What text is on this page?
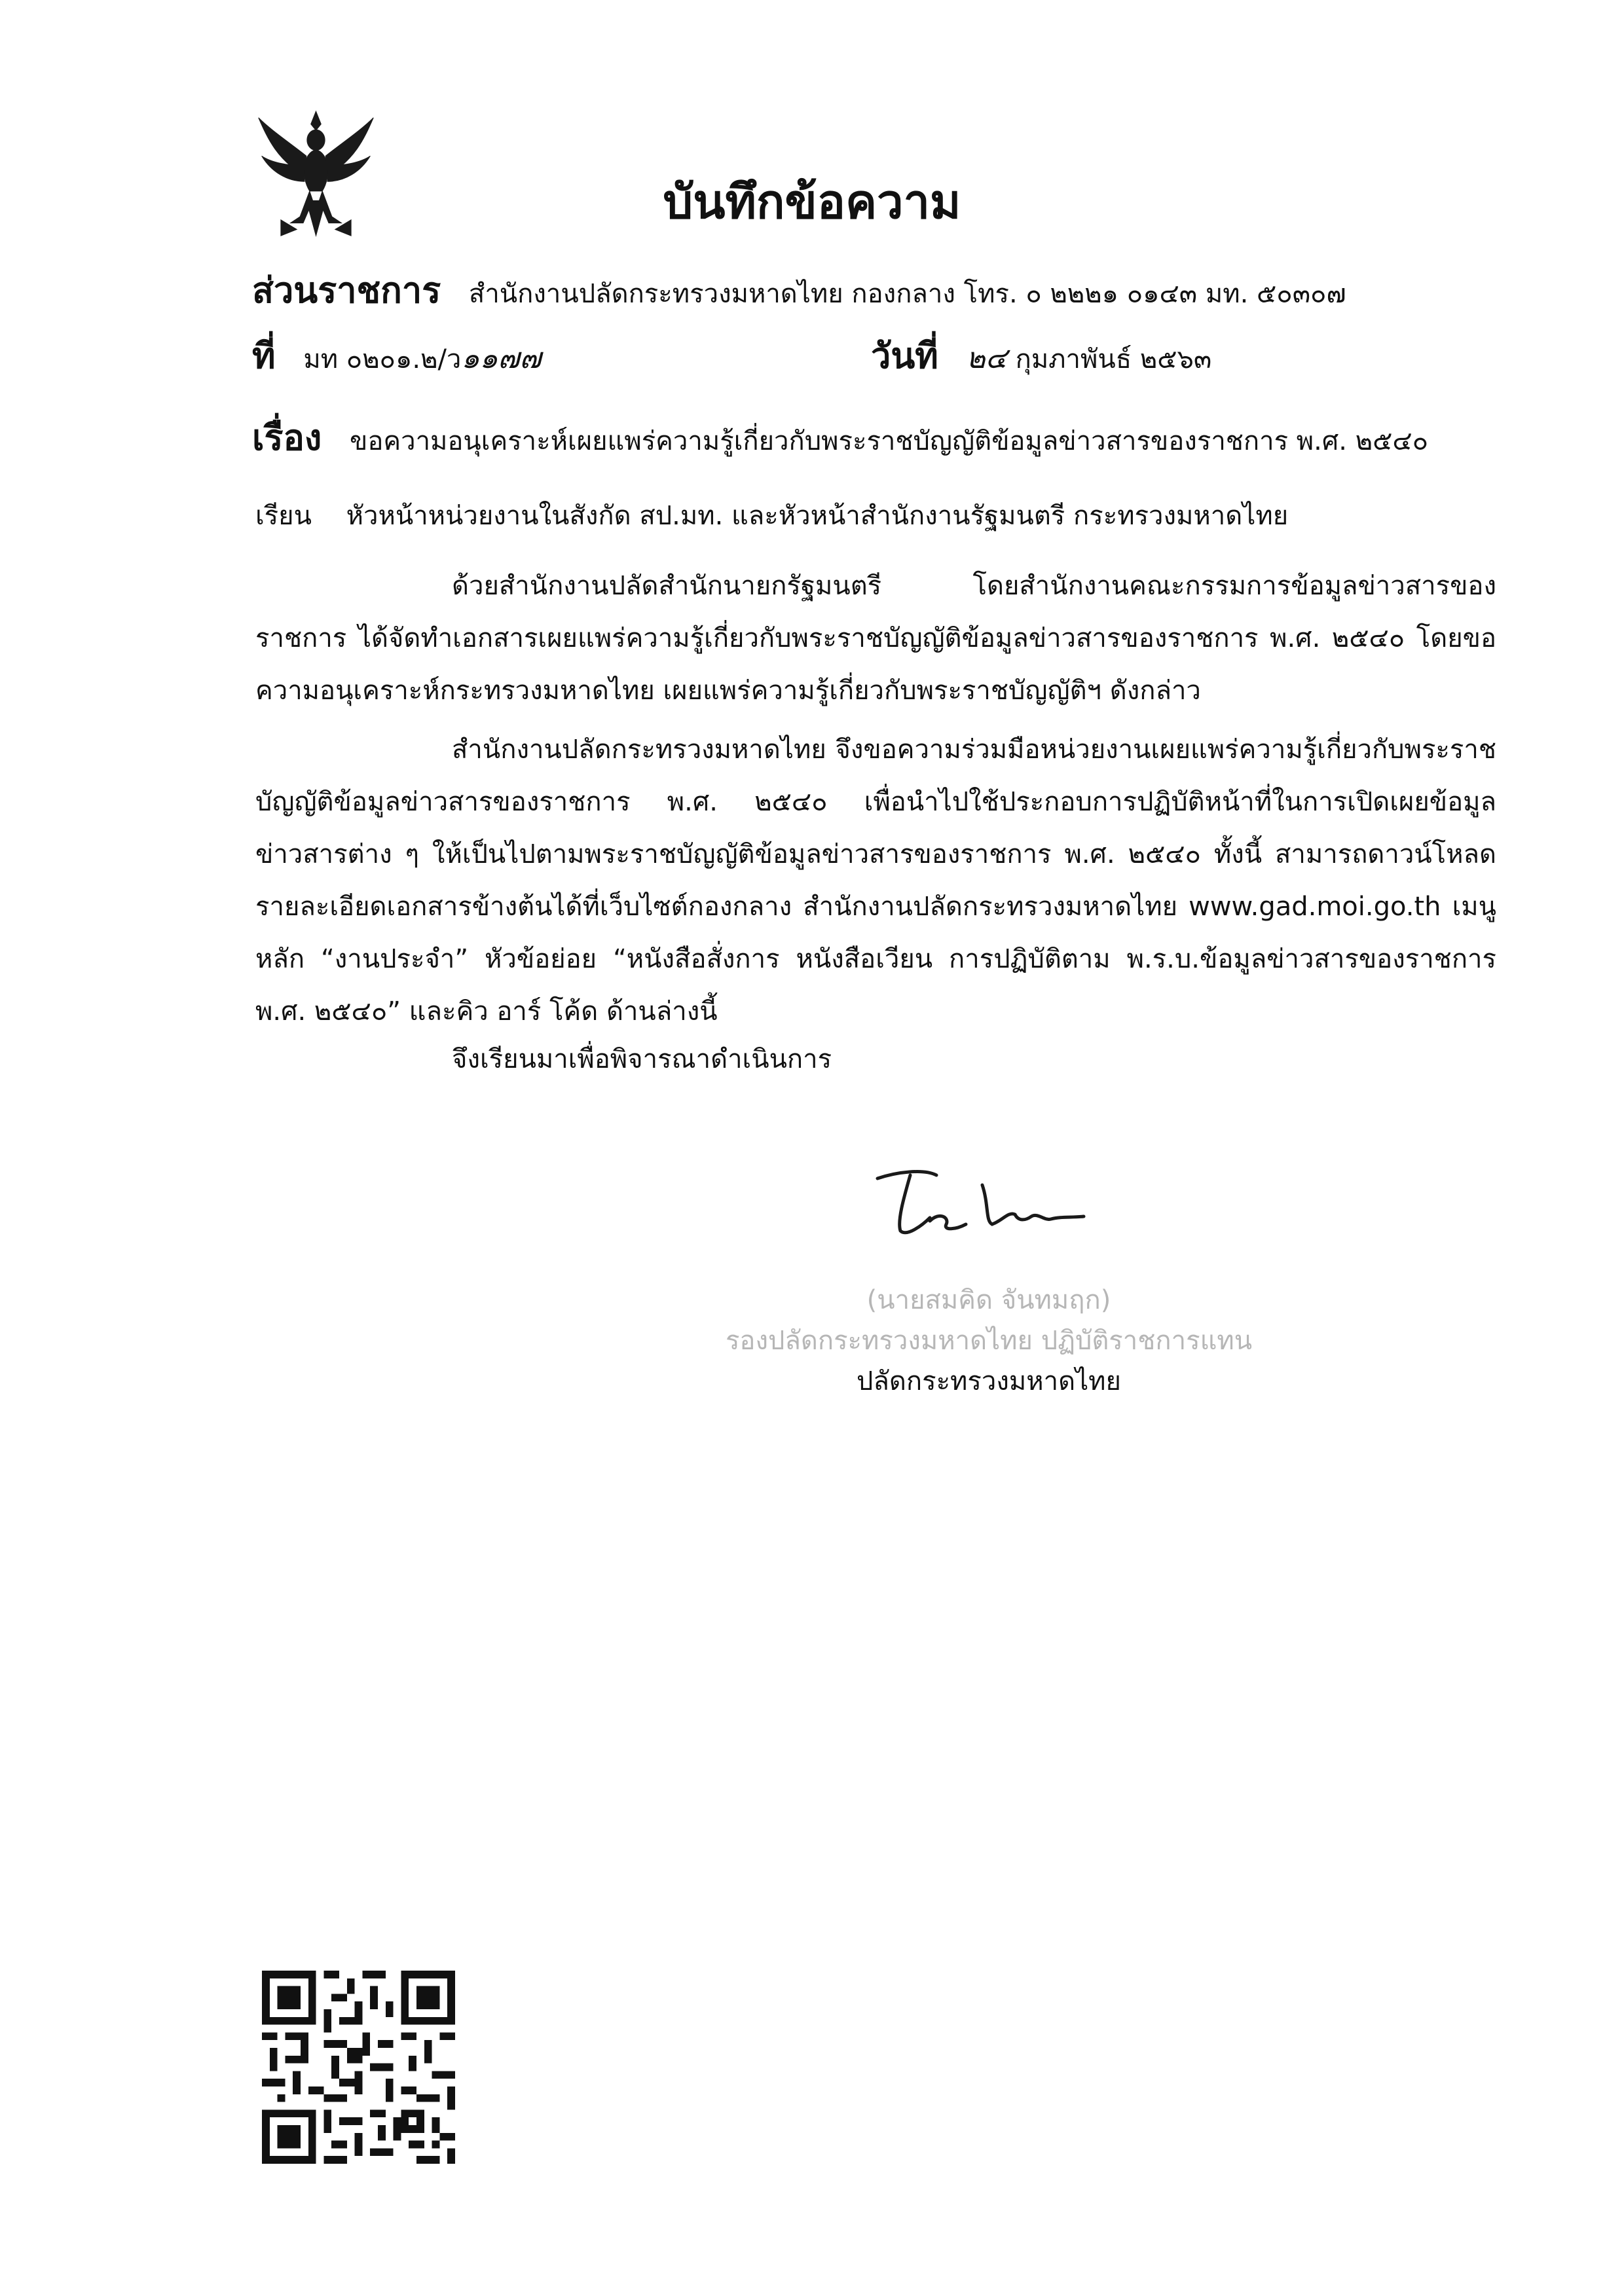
บันทึกข้อความ
ส่วนราชการ สำนักงานปลัดกระทรวงมหาดไทย กองกลาง โทร. ๐ ๒๒๒๑ ๐๑๔๓ มท. ๕๐๓๐๗
ที่ มท ๐๒๐๑.๒/ว๑๑๗๗	วันที่ ๒๔ กุมภาพันธ์ ๒๕๖๓
เรื่อง ขอความอนุเคราะห์เผยแพร่ความรู้เกี่ยวกับพระราชบัญญัติข้อมูลข่าวสารของราชการ พ.ศ. ๒๕๔๐
เรียน หัวหน้าหน่วยงานในสังกัด สป.มท. และหัวหน้าสำนักงานรัฐมนตรี กระทรวงมหาดไทย
ด้วยสำนักงานปลัดสำนักนายกรัฐมนตรี โดยสำนักงานคณะกรรมการข้อมูลข่าวสารของราชการ ได้จัดทำเอกสารเผยแพร่ความรู้เกี่ยวกับพระราชบัญญัติข้อมูลข่าวสารของราชการ พ.ศ. ๒๕๔๐ โดยขอความอนุเคราะห์กระทรวงมหาดไทย เผยแพร่ความรู้เกี่ยวกับพระราชบัญญัติฯ ดังกล่าว
สำนักงานปลัดกระทรวงมหาดไทย จึงขอความร่วมมือหน่วยงานเผยแพร่ความรู้เกี่ยวกับพระราชบัญญัติข้อมูลข่าวสารของราชการ พ.ศ. ๒๕๔๐ เพื่อนำไปใช้ประกอบการปฏิบัติหน้าที่ในการเปิดเผยข้อมูลข่าวสารต่าง ๆ ให้เป็นไปตามพระราชบัญญัติข้อมูลข่าวสารของราชการ พ.ศ. ๒๕๔๐ ทั้งนี้ สามารถดาวน์โหลดรายละเอียดเอกสารข้างต้นได้ที่เว็บไซต์กองกลาง สำนักงานปลัดกระทรวงมหาดไทย www.gad.moi.go.th เมนูหลัก “งานประจำ” หัวข้อย่อย “หนังสือสั่งการ หนังสือเวียน การปฏิบัติตาม พ.ร.บ.ข้อมูลข่าวสารของราชการ พ.ศ. ๒๕๔๐” และคิว อาร์ โค้ด ด้านล่างนี้
จึงเรียนมาเพื่อพิจารณาดำเนินการ
(นายสมคิด จันทมฤก)
รองปลัดกระทรวงมหาดไทย ปฏิบัติราชการแทน
ปลัดกระทรวงมหาดไทย
